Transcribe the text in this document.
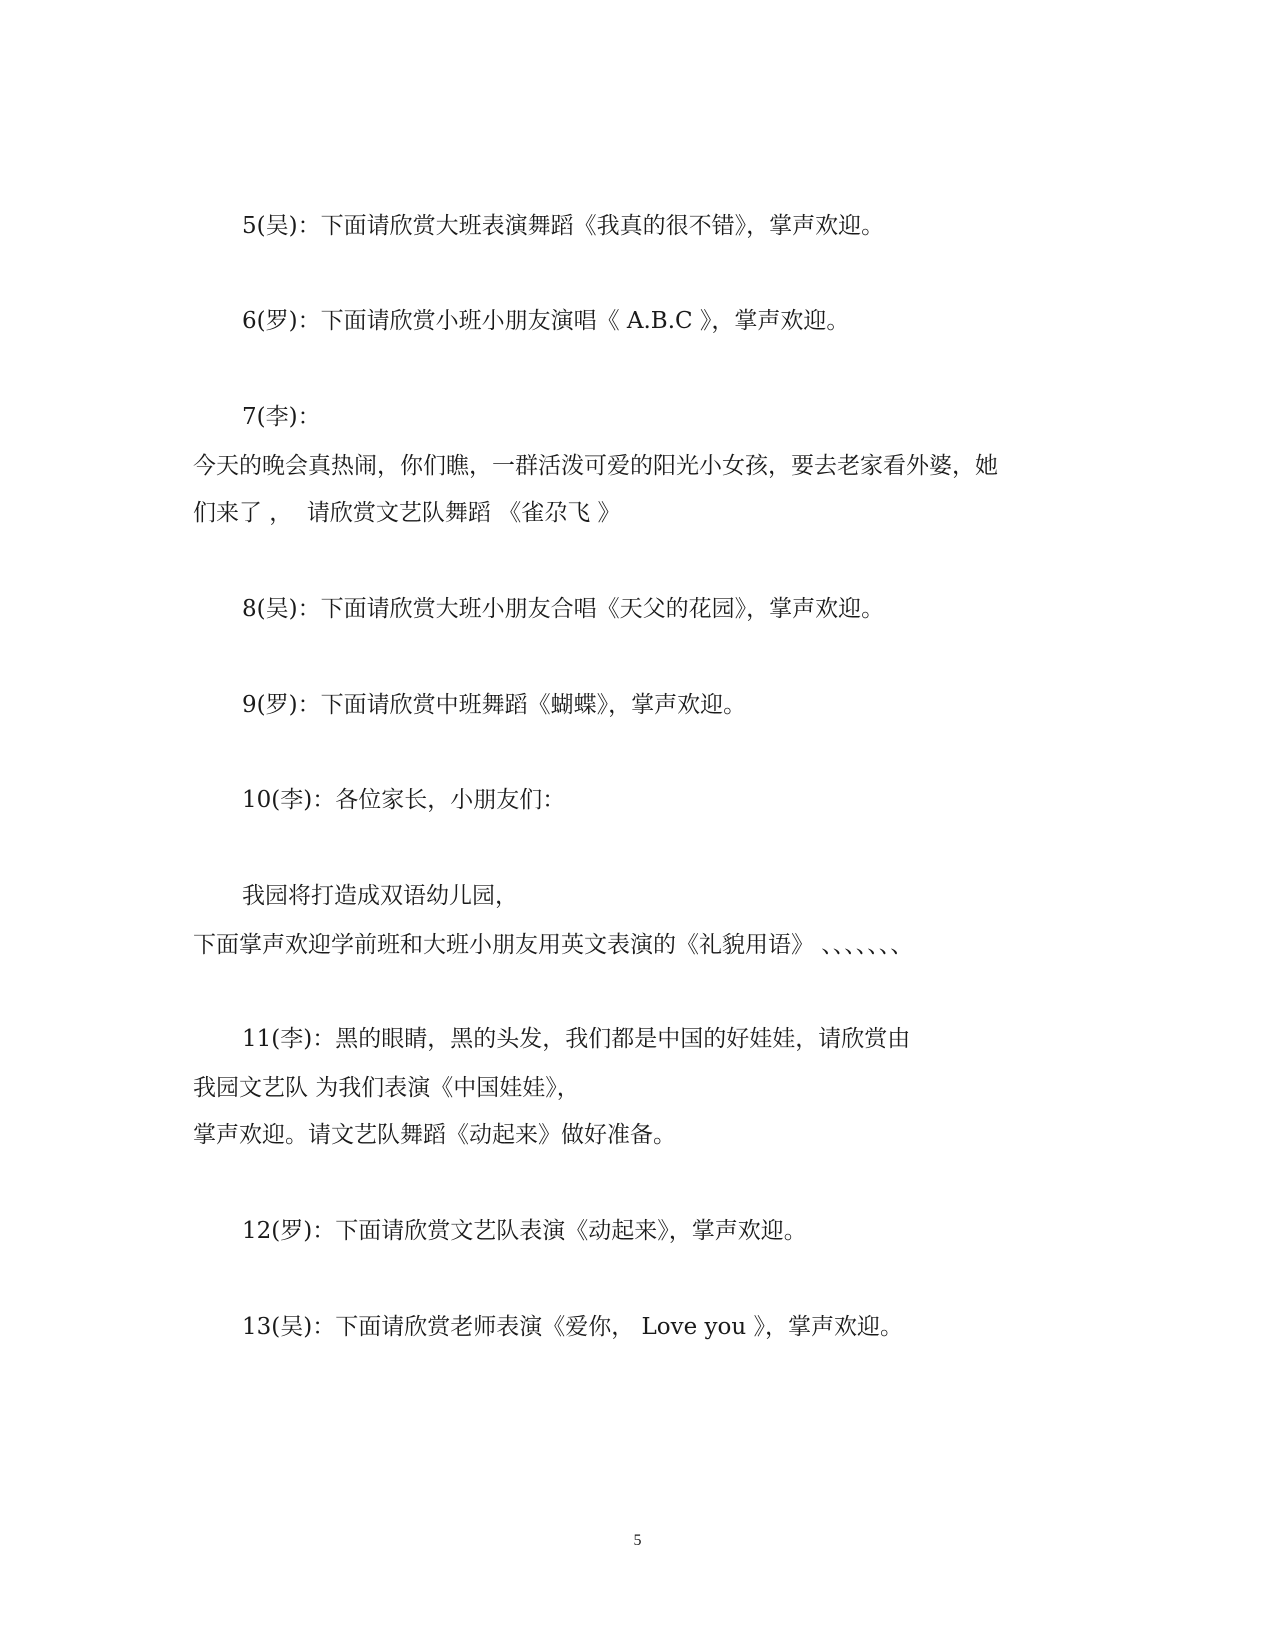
5(吴)：下面请欣赏大班表演舞蹈《我真的很不错》，掌声欢迎。
6(罗)：下面请欣赏小班小朋友演唱《 A.B.C 》，掌声欢迎。
7(李)：
今天的晚会真热闹，你们瞧，一群活泼可爱的阳光小女孩，要去老家看外婆，她
们来了 ，  请欣赏文艺队舞蹈 《雀尕飞 》
8(吴)：下面请欣赏大班小朋友合唱《天父的花园》，掌声欢迎。
9(罗)：下面请欣赏中班舞蹈《蝴蝶》，掌声欢迎。
10(李)：各位家长，小朋友们：
我园将打造成双语幼儿园，
下面掌声欢迎学前班和大班小朋友用英文表演的《礼貌用语》 、、、、、、、
11(李)：黑的眼睛，黑的头发，我们都是中国的好娃娃，请欣赏由
我园文艺队 为我们表演《中国娃娃》，
掌声欢迎。请文艺队舞蹈《动起来》做好准备。
12(罗)：下面请欣赏文艺队表演《动起来》，掌声欢迎。
13(吴)：下面请欣赏老师表演《爱你， Love you 》，掌声欢迎。
5
